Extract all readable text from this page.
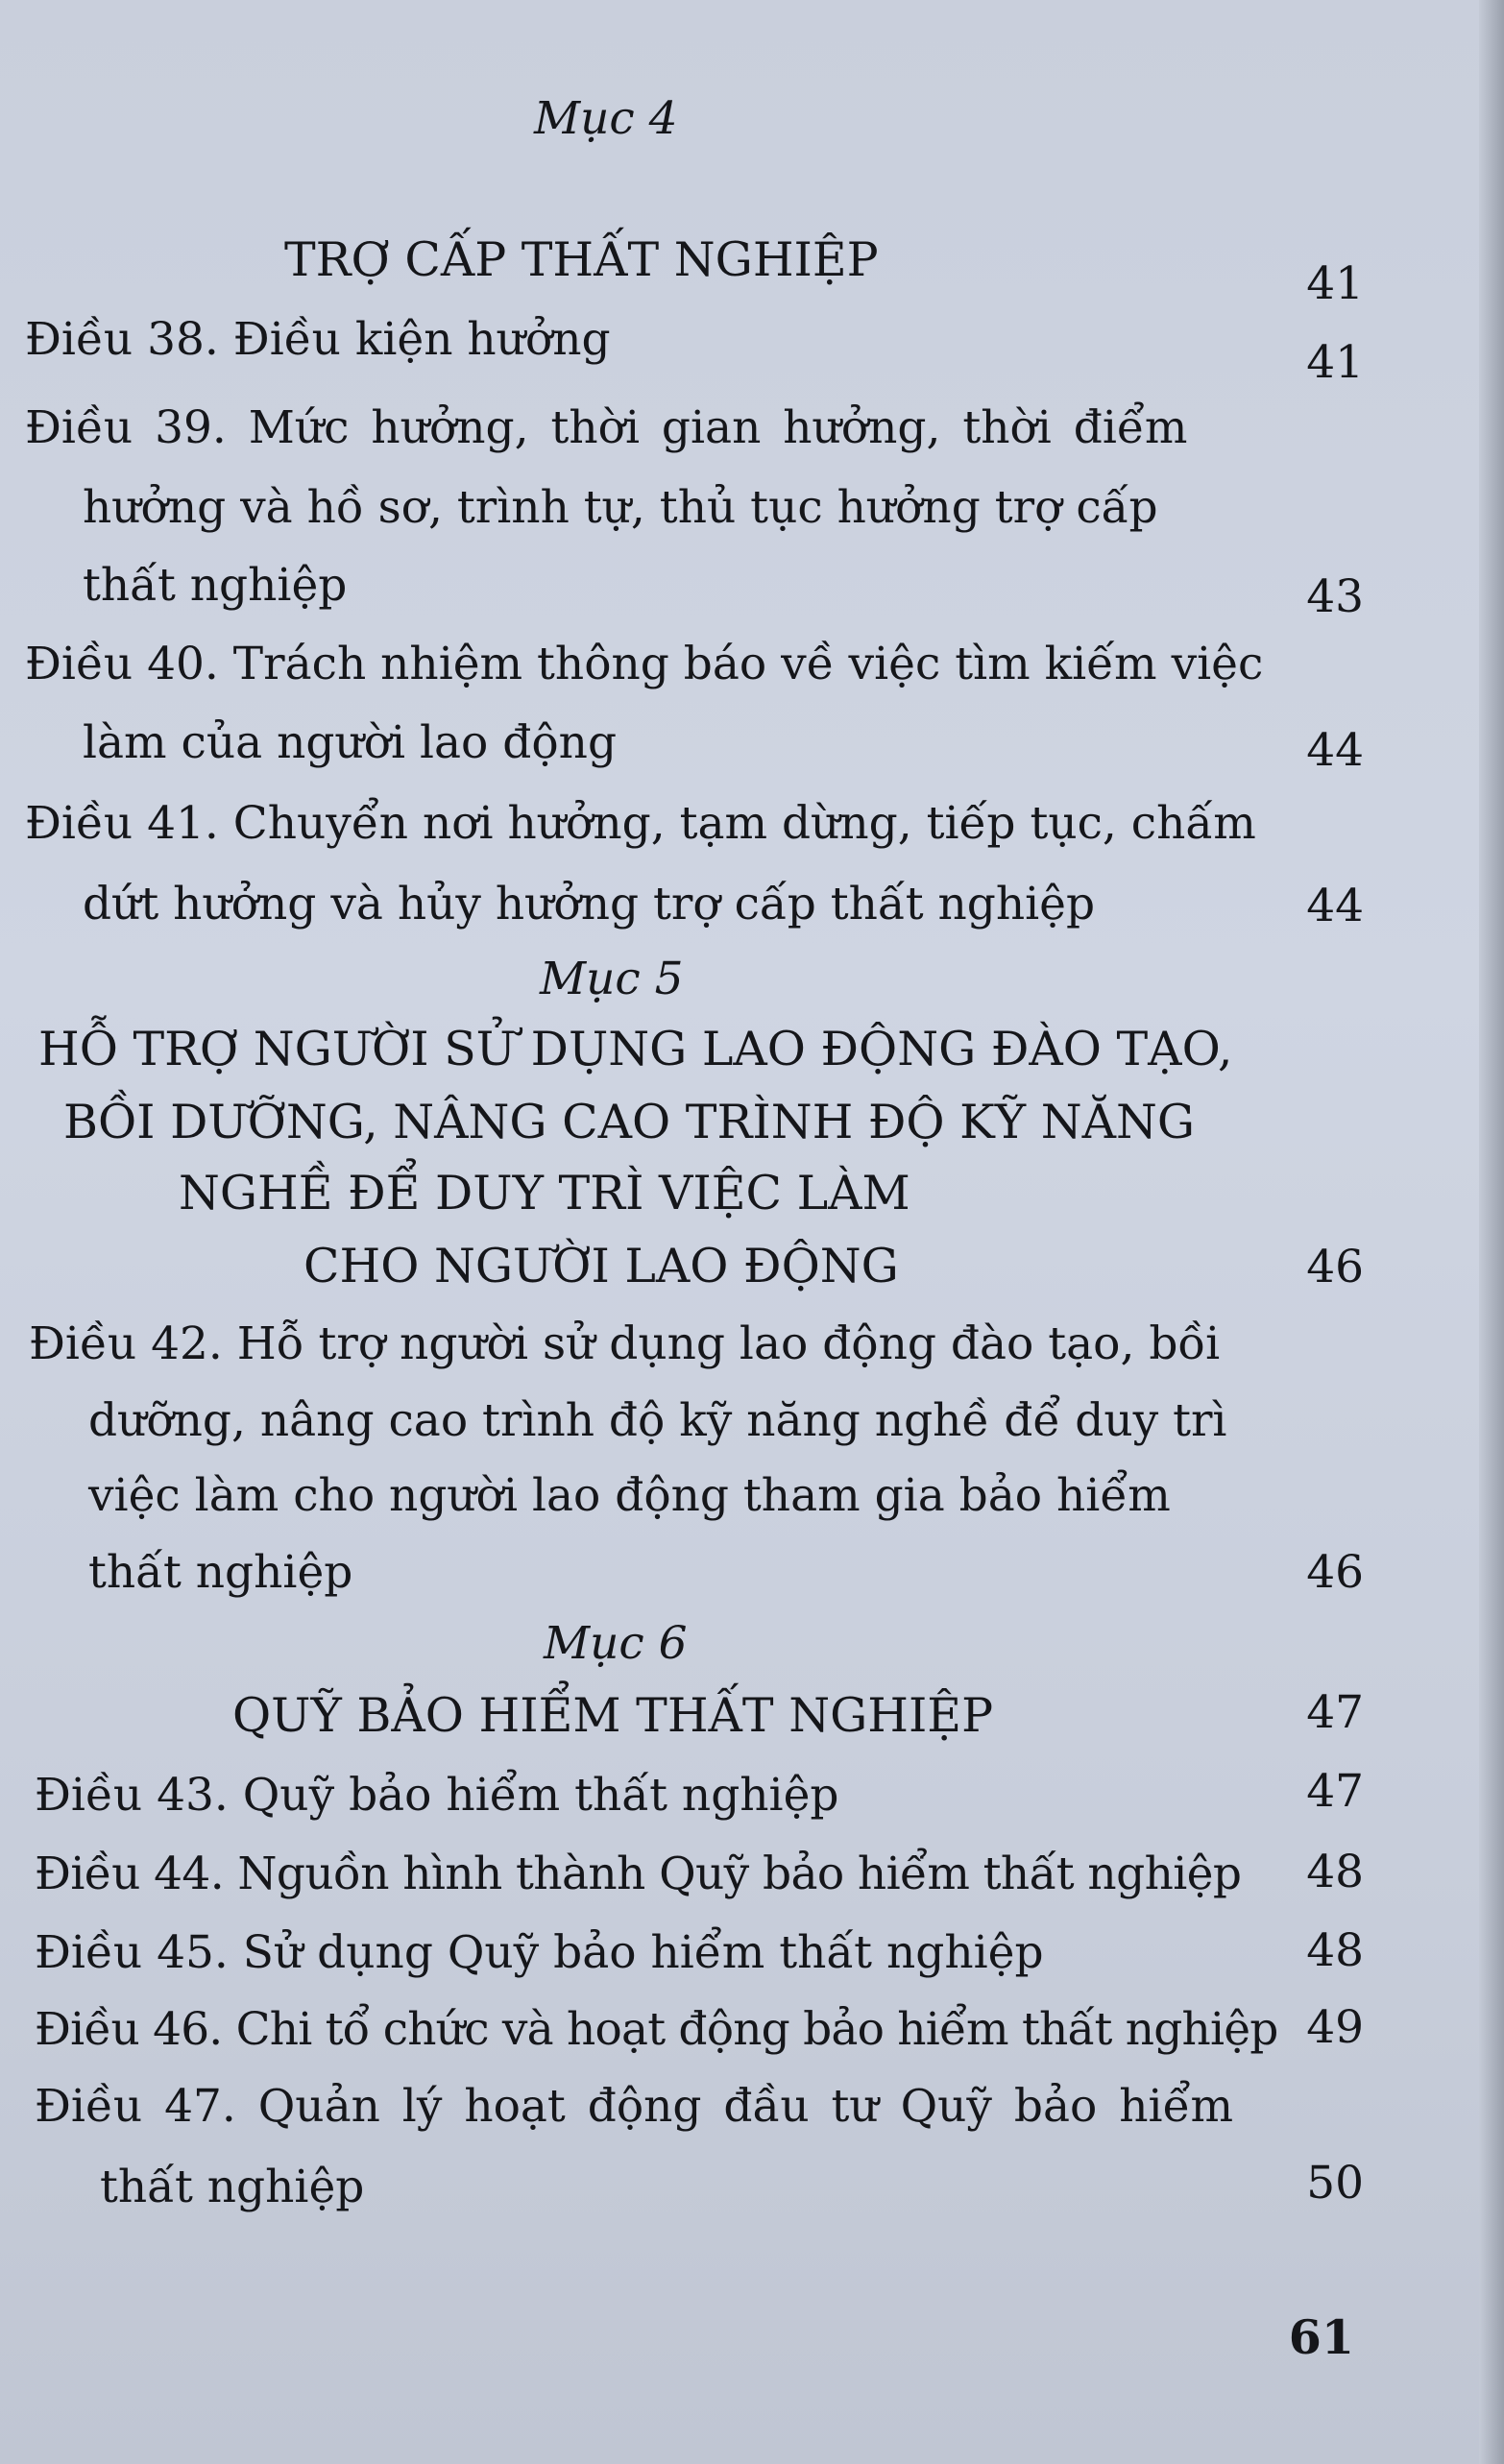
Mục 4
TRỢ CẤP THẤT NGHIỆP	41
Điều 38. Điều kiện hưởng	41
Điều 39. Mức hưởng, thời gian hưởng, thời điểm
hưởng và hồ sơ, trình tự, thủ tục hưởng trợ cấp
thất nghiệp	43
Điều 40. Trách nhiệm thông báo về việc tìm kiếm việc
làm của người lao động	44
Điều 41. Chuyển nơi hưởng, tạm dừng, tiếp tục, chấm
dứt hưởng và hủy hưởng trợ cấp thất nghiệp	44
Mục 5
HỖ TRỢ NGƯỜI SỬ DỤNG LAO ĐỘNG ĐÀO TẠO,
BỒI DƯỠNG, NÂNG CAO TRÌNH ĐỘ KỸ NĂNG
NGHỀ ĐỂ DUY TRÌ VIỆC LÀM
CHO NGƯỜI LAO ĐỘNG	46
Điều 42. Hỗ trợ người sử dụng lao động đào tạo, bồi
dưỡng, nâng cao trình độ kỹ năng nghề để duy trì
việc làm cho người lao động tham gia bảo hiểm
thất nghiệp	46
Mục 6
QUỸ BẢO HIỂM THẤT NGHIỆP	47
Điều 43. Quỹ bảo hiểm thất nghiệp	47
Điều 44. Nguồn hình thành Quỹ bảo hiểm thất nghiệp 48
Điều 45. Sử dụng Quỹ bảo hiểm thất nghiệp	48
Điều 46. Chi tổ chức và hoạt động bảo hiểm thất nghiệp 49
Điều 47. Quản lý hoạt động đầu tư Quỹ bảo hiểm
thất nghiệp	50
61
